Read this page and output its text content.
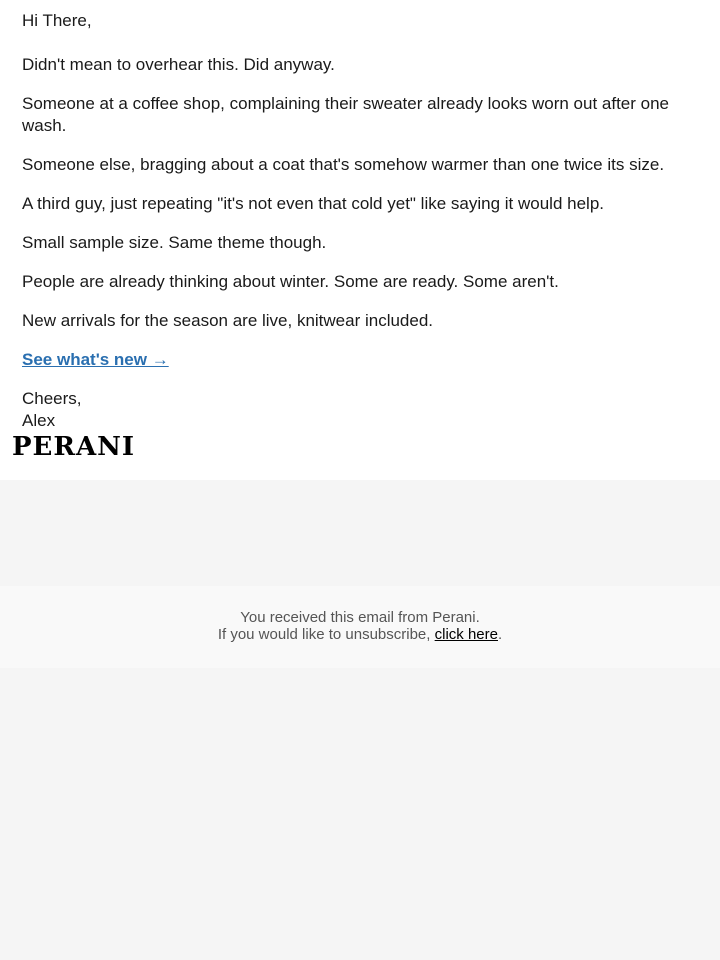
Hi There,

Didn't mean to overhear this. Did anyway.

Someone at a coffee shop, complaining their sweater already looks worn out after one wash.

Someone else, bragging about a coat that's somehow warmer than one twice its size.

A third guy, just repeating "it's not even that cold yet" like saying it would help.

Small sample size. Same theme though.

People are already thinking about winter. Some are ready. Some aren't.

New arrivals for the season are live, knitwear included.

See what's new →

Cheers,
Alex
PERANI
You received this email from Perani.
If you would like to unsubscribe, click here.
